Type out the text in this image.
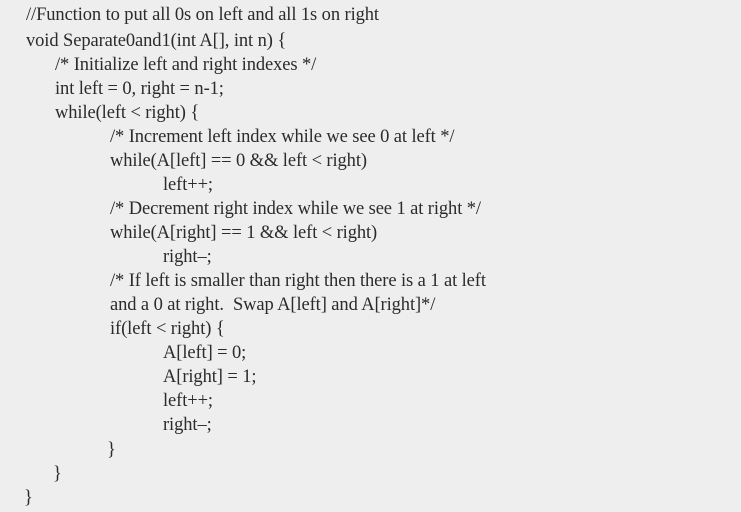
//Function to put all 0s on left and all 1s on right
void Separate0and1(int A[], int n) {
/* Initialize left and right indexes */
int left = 0, right = n-1;
while(left < right) {
/* Increment left index while we see 0 at left */
while(A[left] == 0 && left < right)
left++;
/* Decrement right index while we see 1 at right */
while(A[right] == 1 && left < right)
right–;
/* If left is smaller than right then there is a 1 at left
and a 0 at right.  Swap A[left] and A[right]*/
if(left < right) {
A[left] = 0;
A[right] = 1;
left++;
right–;
}
}
}
